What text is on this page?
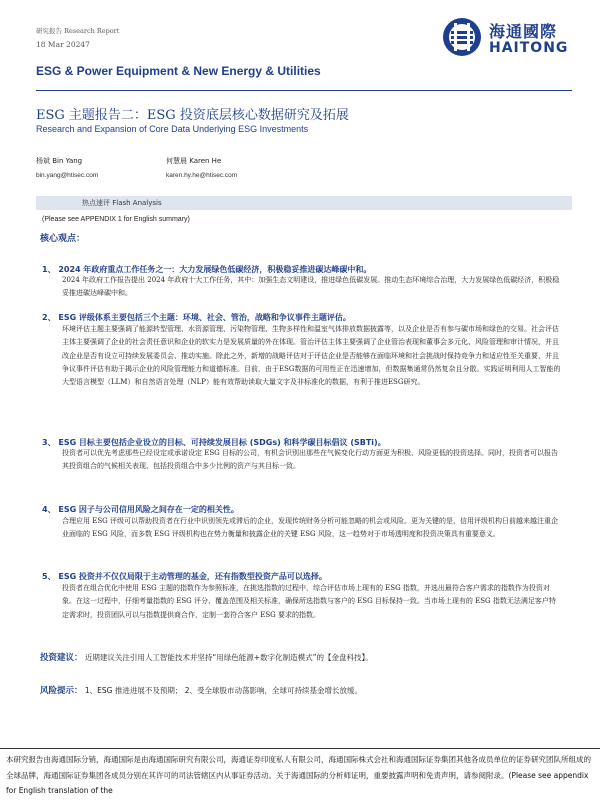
研究报告 Research Report
18 Mar 20247
海通國際
HAITONG
ESG & Power Equipment & New Energy & Utilities
ESG 主题报告二：ESG 投资底层核心数据研究及拓展
Research and Expansion of Core Data Underlying ESG Investments
杨斌 Bin Yang
bin.yang@htisec.com
何慧晨 Karen He
karen.hy.he@htisec.com
热点速评 Flash Analysis
(Please see APPENDIX 1 for English summary)
核心观点：
1、 2024 年政府重点工作任务之一：大力发展绿色低碳经济，积极稳妥推进碳达峰碳中和。
2024 年政府工作报告提出 2024 年政府十大工作任务，其中：加强生态文明建设，推进绿色低碳发展。推动生态环境综合治理，大力发展绿色低碳经济，积极稳妥推进碳达峰碳中和。
2、 ESG 评级体系主要包括三个主题：环境、社会、管治，战略和争议事件主题评估。
环境评估主题主要强调了能源转型管理、水资源管理、污染物管理、生物多样性和温室气体排放数据披露等，以及企业是否有参与碳市场和绿色的交易。社会评估主体主要强调了企业的社会责任意识和企业的软实力是发展质量的外在体现。管治评估主体主要强调了企业管治表现和董事会多元化、风险管理和审计情况，并且改企业是否有设立可持续发展委员会、推动实施。除此之外，新增的战略评估对于评估企业是否能够在面临环境和社会挑战时保持竞争力和适应性至关重要，并且争议事件评估有助于揭示企业的风险管理能力和道德标准。目前，由于ESG数据的可用性正在迅速增加，但数据集通常仍然复杂且分散。实践证明利用人工智能的大型语言模型（LLM）和自然语言处理（NLP）能有效帮助读取大量文字及非标准化的数据，有利于推进ESG研究。
3、 ESG 目标主要包括企业设立的目标、可持续发展目标 (SDGs) 和科学碳目标倡议 (SBTi)。
投资者可以优先考虑那些已经设定或承诺设定 ESG 目标的公司，有机会识别出那些在气候变化行动方面更为积极、风险更低的投资选择。同时，投资者可以报告其投资组合的气候相关表现、包括投资组合中多少比例的资产与其目标一致。
4、 ESG 因子与公司信用风险之间存在一定的相关性。
合理应用 ESG 评级可以帮助投资者在行业中识别领先或滞后的企业，发现传统财务分析可能忽略的机会或风险。更为关键的是，信用评级机构日前越来越注重企业面临的 ESG 风险，而多数 ESG 评级机构也在势力衡量和披露企业的关键 ESG 风险，这一趋势对于市场透明度和投资决策具有重要意义。
5、 ESG 投资并不仅仅局限于主动管理的基金，还有指数型投资产品可以选择。
投资者在组合优化中使用 ESG 主题的指数作为参照标准，在挑选指数的过程中，综合评估市场上现有的 ESG 指数，并选出最符合客户需求的指数作为投资对象。在这一过程中，仔细考量指数的 ESG 评分、覆盖范围及相关标准，确保所选指数与客户的 ESG 目标保持一致。当市场上现有的 ESG 指数无法满足客户特定需求时，投资团队可以与指数提供商合作，定制一套符合客户 ESG 要求的指数。
投资建议： 近期建议关注引用人工智能技术并坚持“用绿色能源+数字化制造模式”的【金盘科技】。
风险提示： 1、ESG 推进进展不及预期； 2、受全球股市动荡影响，全球可持续基金增长放缓。
本研究报告由海通国际分销，海通国际是由海通国际研究有限公司，海通证券印度私人有限公司，海通国际株式会社和海通国际证券集团其他各成员单位的证券研究团队所组成的全球品牌，海通国际证券集团各成员分别在其许可的司法管辖区内从事证券活动。关于海通国际的分析师证明，重要披露声明和免责声明，请参阅附录。(Please see appendix for English translation of the
